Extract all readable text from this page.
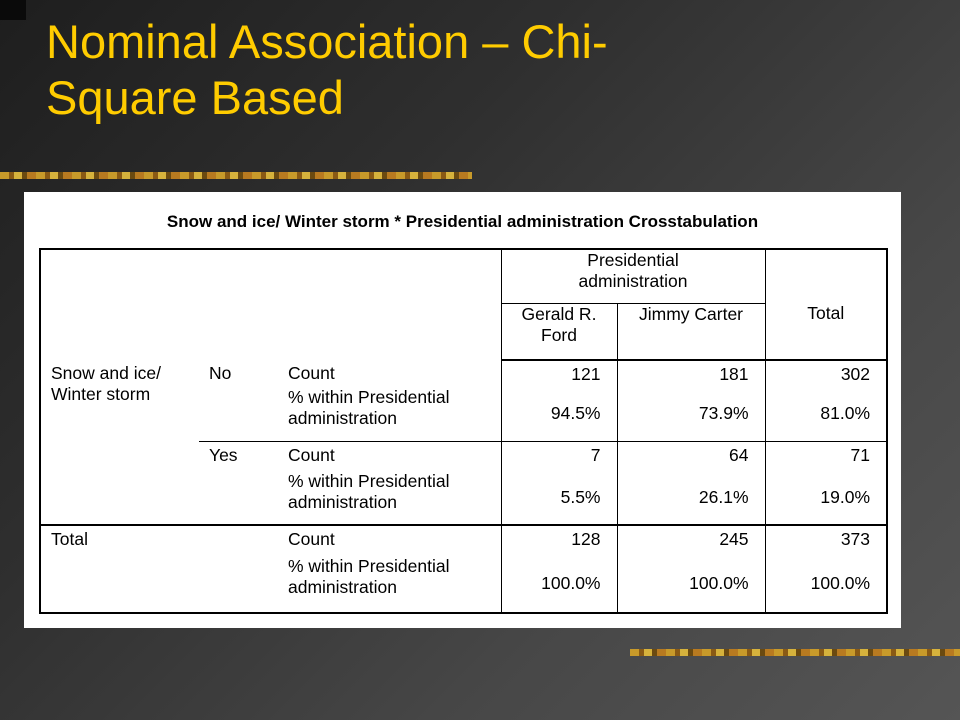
Nominal Association – Chi-
Square Based
Snow and ice/ Winter storm * Presidential administration Crosstabulation

			Presidential
administration		

			Gerald R.
Ford	Jimmy Carter	Total

Snow and ice/
Winter storm	No	Count	121	181	302

		% within Presidential
administration	94.5%	73.9%	81.0%
	Yes	Count	7	64	71

		% within Presidential
administration	5.5%	26.1%	19.0%
Total		Count	128	245	373

		% within Presidential
administration	100.0%	100.0%	100.0%
